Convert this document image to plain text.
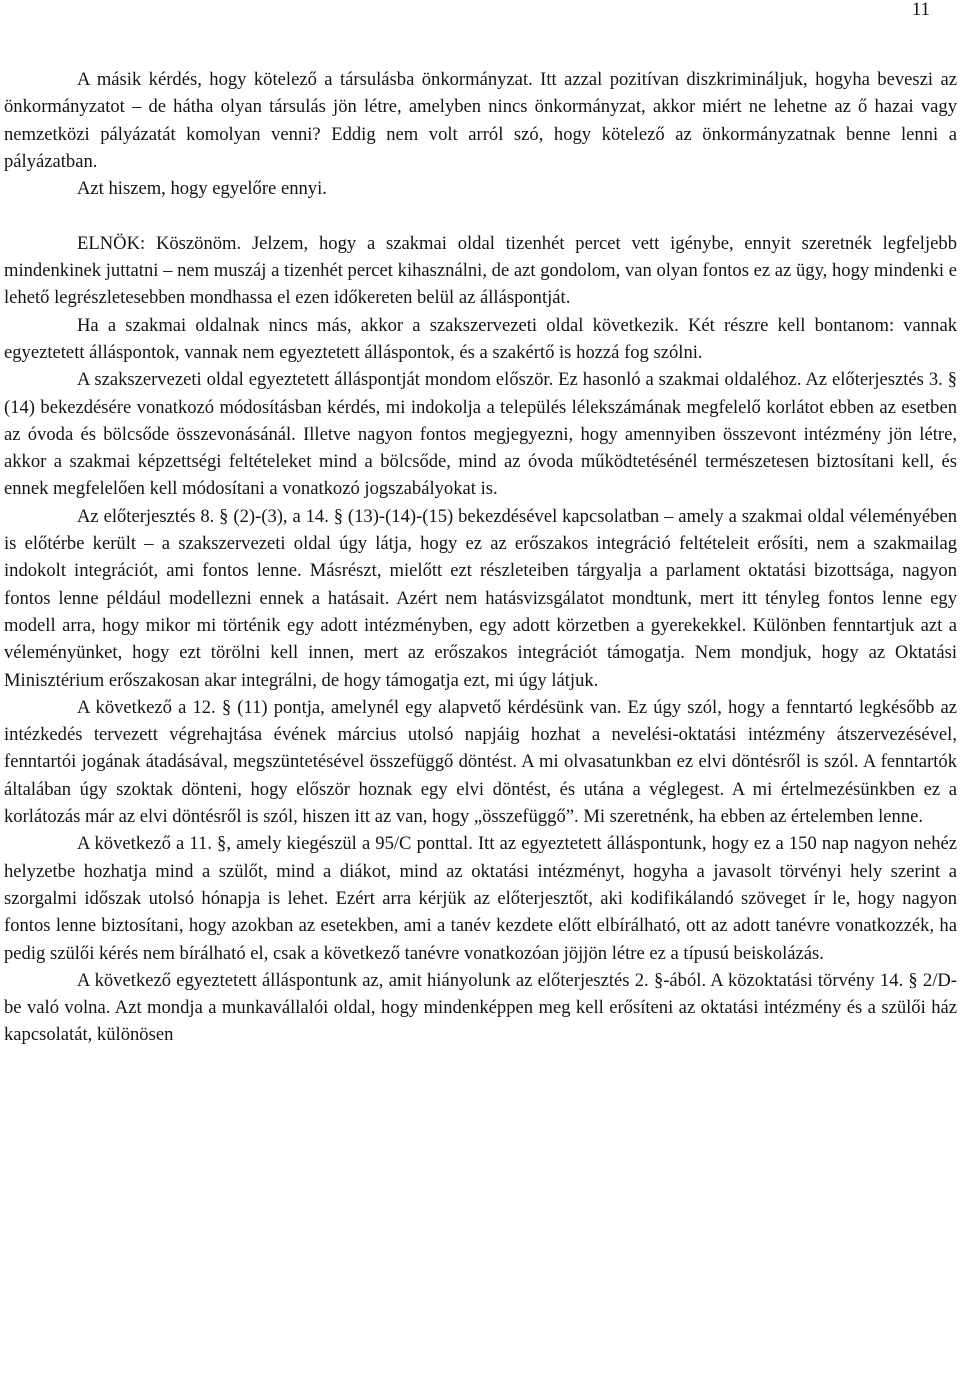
11

A másik kérdés, hogy kötelező a társulásba önkormányzat. Itt azzal pozitívan diszkrimináljuk, hogyha beveszi az önkormányzatot – de hátha olyan társulás jön létre, amelyben nincs önkormányzat, akkor miért ne lehetne az ő hazai vagy nemzetközi pályázatát komolyan venni? Eddig nem volt arról szó, hogy kötelező az önkormányzatnak benne lenni a pályázatban.

Azt hiszem, hogy egyelőre ennyi.

ELNÖK: Köszönöm. Jelzem, hogy a szakmai oldal tizenhét percet vett igénybe, ennyit szeretnék legfeljebb mindenkinek juttatni – nem muszáj a tizenhét percet kihasználni, de azt gondolom, van olyan fontos ez az ügy, hogy mindenki e lehető legrészletesebben mondhassa el ezen időkereten belül az álláspontját.

Ha a szakmai oldalnak nincs más, akkor a szakszervezeti oldal következik. Két részre kell bontanom: vannak egyeztetett álláspontok, vannak nem egyeztetett álláspontok, és a szakértő is hozzá fog szólni.

A szakszervezeti oldal egyeztetett álláspontját mondom először. Ez hasonló a szakmai oldaléhoz. Az előterjesztés 3. § (14) bekezdésére vonatkozó módosításban kérdés, mi indokolja a település lélekszámának megfelelő korlátot ebben az esetben az óvoda és bölcsőde összevonásánál. Illetve nagyon fontos megjegyezni, hogy amennyiben összevont intézmény jön létre, akkor a szakmai képzettségi feltételeket mind a bölcsőde, mind az óvoda működtetésénél természetesen biztosítani kell, és ennek megfelelően kell módosítani a vonatkozó jogszabályokat is.

Az előterjesztés 8. § (2)-(3), a 14. § (13)-(14)-(15) bekezdésével kapcsolatban – amely a szakmai oldal véleményében is előtérbe került – a szakszervezeti oldal úgy látja, hogy ez az erőszakos integráció feltételeit erősíti, nem a szakmailag indokolt integrációt, ami fontos lenne. Másrészt, mielőtt ezt részleteiben tárgyalja a parlament oktatási bizottsága, nagyon fontos lenne például modellezni ennek a hatásait. Azért nem hatásvizsgálatot mondtunk, mert itt tényleg fontos lenne egy modell arra, hogy mikor mi történik egy adott intézményben, egy adott körzetben a gyerekekkel. Különben fenntartjuk azt a véleményünket, hogy ezt törölni kell innen, mert az erőszakos integrációt támogatja. Nem mondjuk, hogy az Oktatási Minisztérium erőszakosan akar integrálni, de hogy támogatja ezt, mi úgy látjuk.

A következő a 12. § (11) pontja, amelynél egy alapvető kérdésünk van. Ez úgy szól, hogy a fenntartó legkésőbb az intézkedés tervezett végrehajtása évének március utolsó napjáig hozhat a nevelési-oktatási intézmény átszervezésével, fenntartói jogának átadásával, megszüntetésével összefüggő döntést. A mi olvasatunkban ez elvi döntésről is szól. A fenntartók általában úgy szoktak dönteni, hogy először hoznak egy elvi döntést, és utána a véglegest. A mi értelmezésünkben ez a korlátozás már az elvi döntésről is szól, hiszen itt az van, hogy „összefüggő”. Mi szeretnénk, ha ebben az értelemben lenne.

A következő a 11. §, amely kiegészül a 95/C ponttal. Itt az egyeztetett álláspontunk, hogy ez a 150 nap nagyon nehéz helyzetbe hozhatja mind a szülőt, mind a diákot, mind az oktatási intézményt, hogyha a javasolt törvényi hely szerint a szorgalmi időszak utolsó hónapja is lehet. Ezért arra kérjük az előterjesztőt, aki kodifikálandó szöveget ír le, hogy nagyon fontos lenne biztosítani, hogy azokban az esetekben, ami a tanév kezdete előtt elbírálható, ott az adott tanévre vonatkozzék, ha pedig szülői kérés nem bírálható el, csak a következő tanévre vonatkozóan jöjjön létre ez a típusú beiskolázás.

A következő egyeztetett álláspontunk az, amit hiányolunk az előterjesztés 2. §-ából. A közoktatási törvény 14. § 2/D-be való volna. Azt mondja a munkavállalói oldal, hogy mindenképpen meg kell erősíteni az oktatási intézmény és a szülői ház kapcsolatát, különösen
